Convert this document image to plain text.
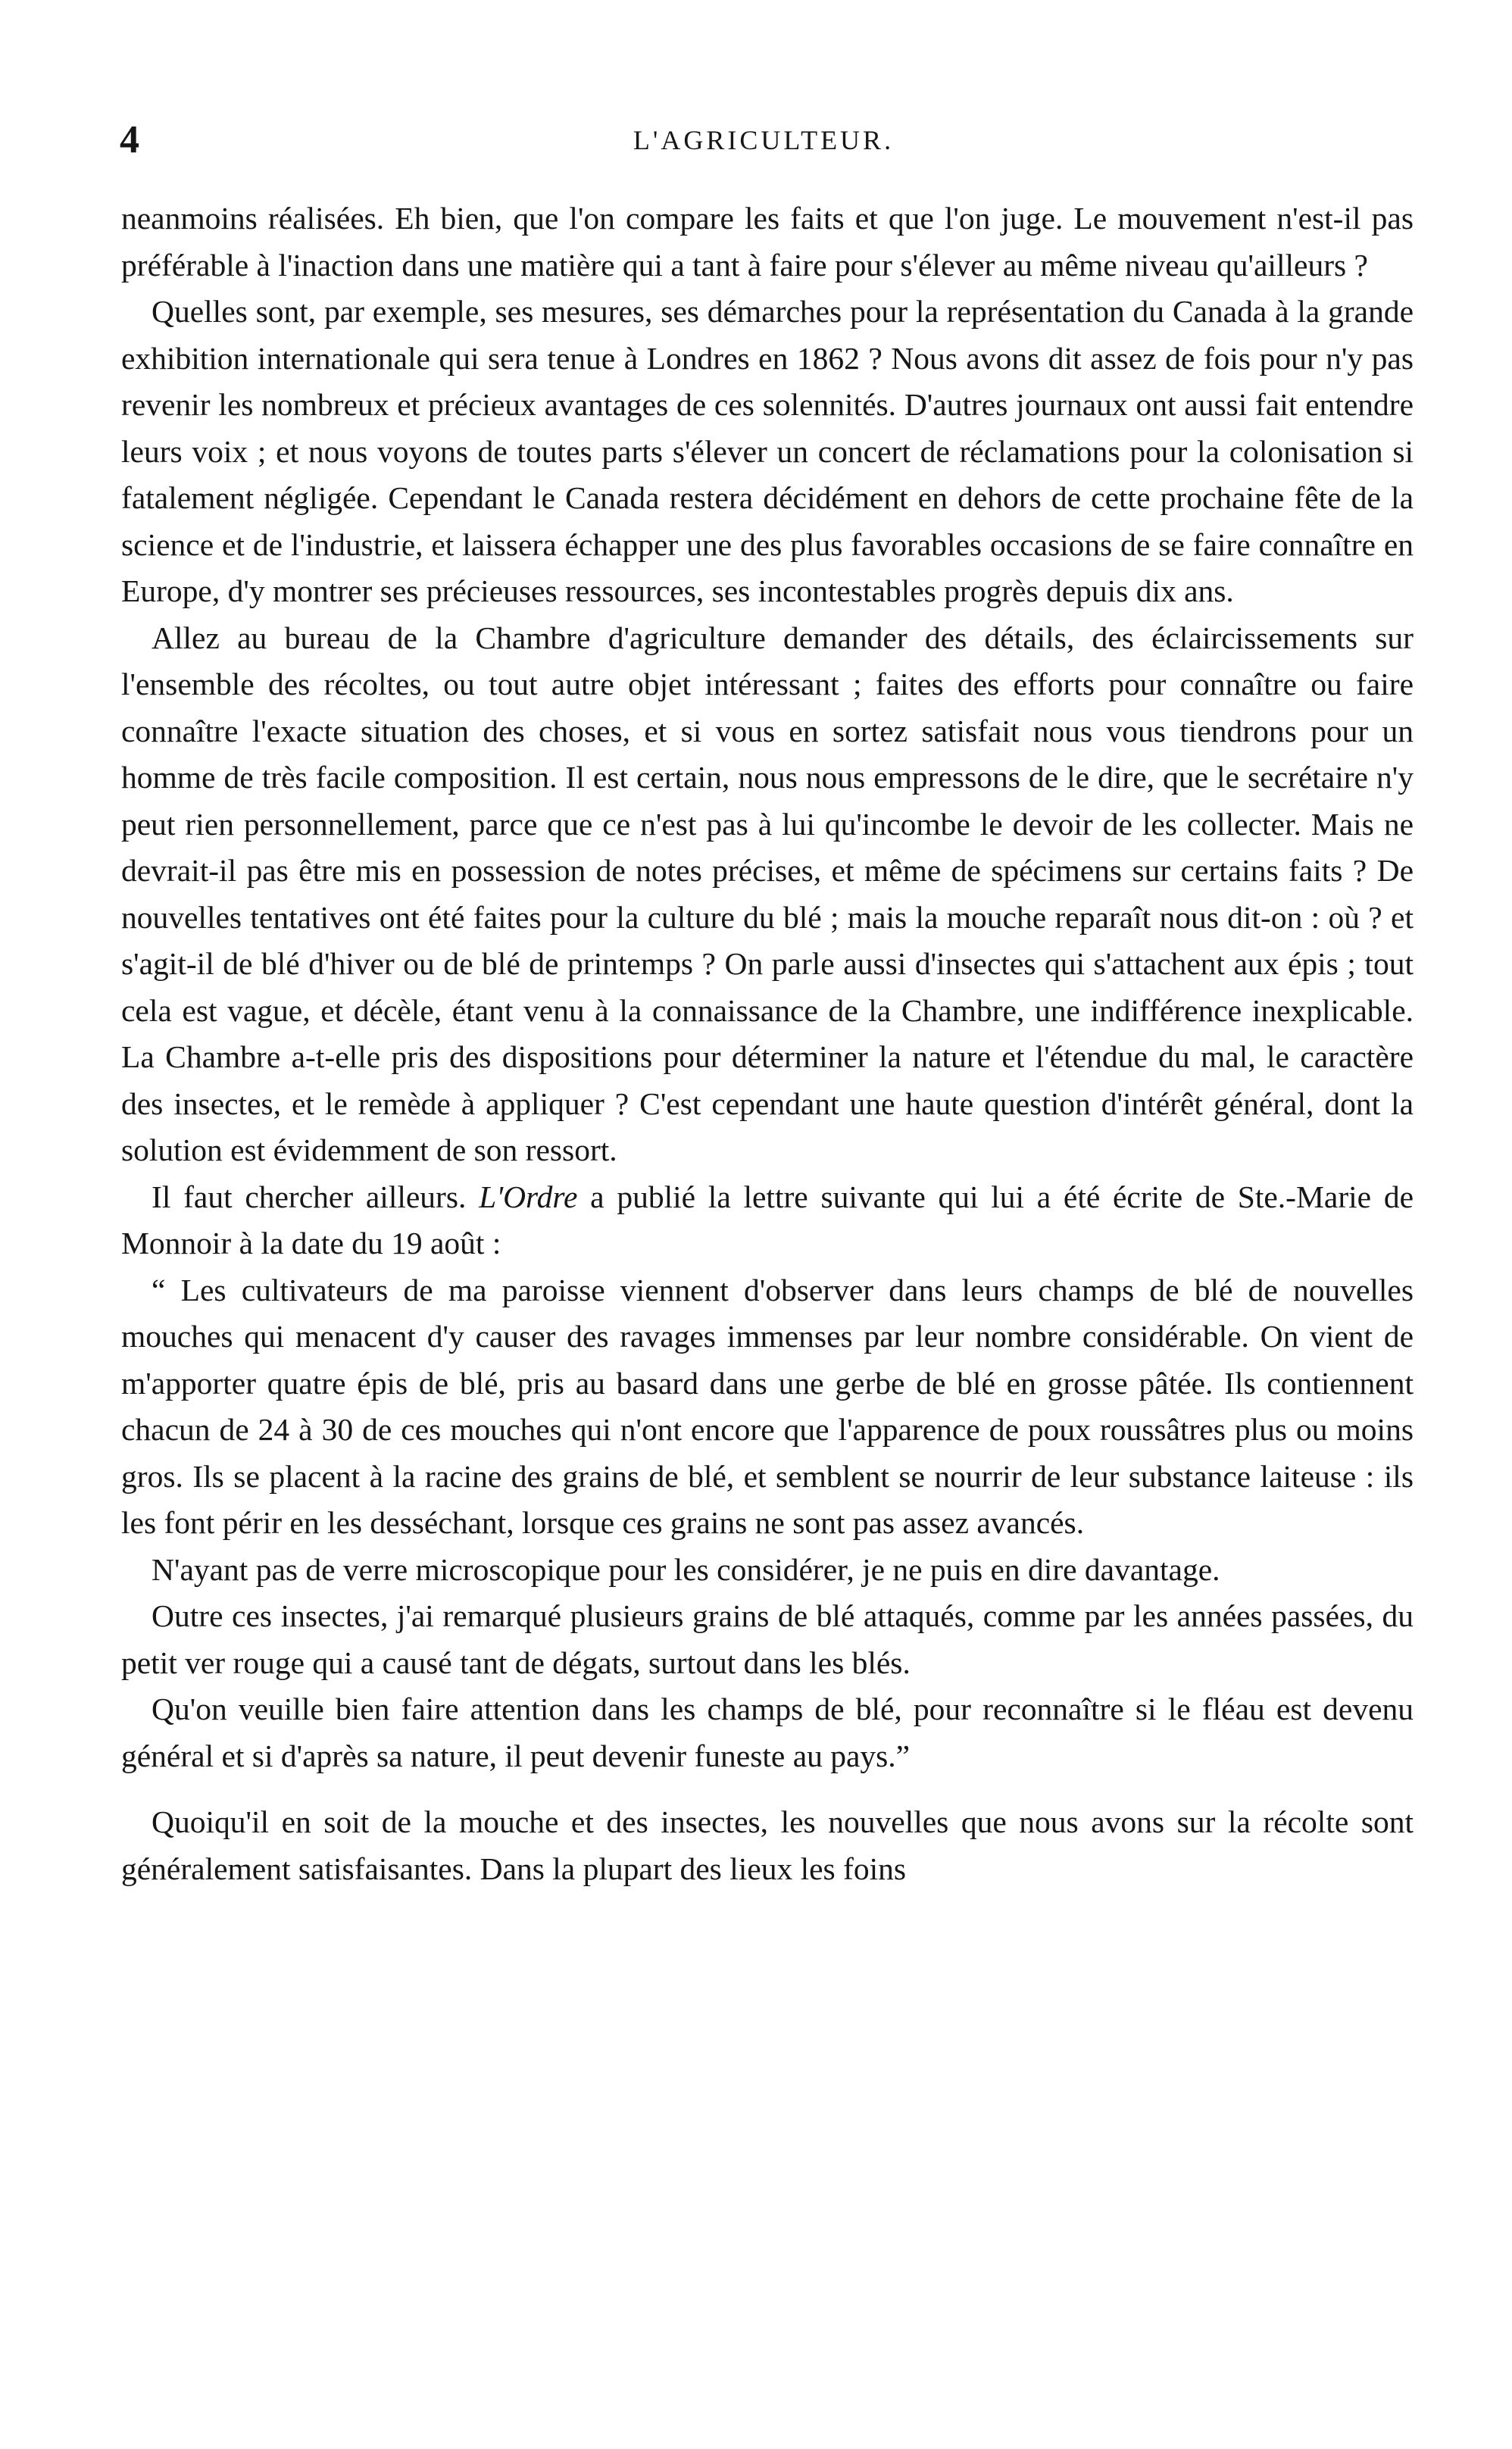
4	L'AGRICULTEUR.

neanmoins réalisées. Eh bien, que l'on compare les faits et que l'on juge. Le mouvement n'est-il pas préférable à l'inaction dans une matière qui a tant à faire pour s'élever au même niveau qu'ailleurs ?

Quelles sont, par exemple, ses mesures, ses démarches pour la représentation du Canada à la grande exhibition internationale qui sera tenue à Londres en 1862 ? Nous avons dit assez de fois pour n'y pas revenir les nombreux et précieux avantages de ces solennités. D'autres journaux ont aussi fait entendre leurs voix ; et nous voyons de toutes parts s'élever un concert de réclamations pour la colonisation si fatalement négligée. Cependant le Canada restera décidément en dehors de cette prochaine fête de la science et de l'industrie, et laissera échapper une des plus favorables occasions de se faire connaître en Europe, d'y montrer ses précieuses ressources, ses incontestables progrès depuis dix ans.

Allez au bureau de la Chambre d'agriculture demander des détails, des éclaircissements sur l'ensemble des récoltes, ou tout autre objet intéressant ; faites des efforts pour connaître ou faire connaître l'exacte situation des choses, et si vous en sortez satisfait nous vous tiendrons pour un homme de très facile composition. Il est certain, nous nous empressons de le dire, que le secrétaire n'y peut rien personnellement, parce que ce n'est pas à lui qu'incombe le devoir de les collecter. Mais ne devrait-il pas être mis en possession de notes précises, et même de spécimens sur certains faits ? De nouvelles tentatives ont été faites pour la culture du blé ; mais la mouche reparaît nous dit-on : où ? et s'agit-il de blé d'hiver ou de blé de printemps ? On parle aussi d'insectes qui s'attachent aux épis ; tout cela est vague, et décèle, étant venu à la connaissance de la Chambre, une indifférence inexplicable. La Chambre a-t-elle pris des dispositions pour déterminer la nature et l'étendue du mal, le caractère des insectes, et le remède à appliquer ? C'est cependant une haute question d'intérêt général, dont la solution est évidemment de son ressort.

Il faut chercher ailleurs. L'Ordre a publié la lettre suivante qui lui a été écrite de Ste.-Marie de Monnoir à la date du 19 août :

“ Les cultivateurs de ma paroisse viennent d'observer dans leurs champs de blé de nouvelles mouches qui menacent d'y causer des ravages immenses par leur nombre considérable. On vient de m'apporter quatre épis de blé, pris au basard dans une gerbe de blé en grosse pâtée. Ils contiennent chacun de 24 à 30 de ces mouches qui n'ont encore que l'apparence de poux roussâtres plus ou moins gros. Ils se placent à la racine des grains de blé, et semblent se nourrir de leur substance laiteuse : ils les font périr en les desséchant, lorsque ces grains ne sont pas assez avancés.

N'ayant pas de verre microscopique pour les considérer, je ne puis en dire davantage.

Outre ces insectes, j'ai remarqué plusieurs grains de blé attaqués, comme par les années passées, du petit ver rouge qui a causé tant de dégats, surtout dans les blés.

Qu'on veuille bien faire attention dans les champs de blé, pour reconnaître si le fléau est devenu général et si d'après sa nature, il peut devenir funeste au pays.”

Quoiqu'il en soit de la mouche et des insectes, les nouvelles que nous avons sur la récolte sont généralement satisfaisantes. Dans la plupart des lieux les foins
